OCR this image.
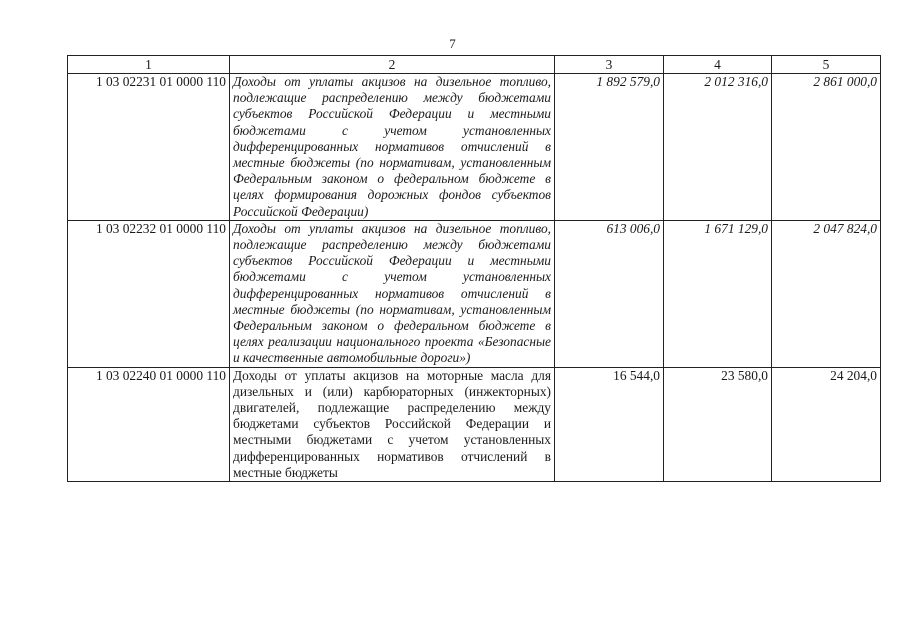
7
1	2	3	4	5
1 03 02231 01 0000 110	Доходы от уплаты акцизов на дизельное топливо, подлежащие распределению между бюджетами субъектов Российской Федерации и местными бюджетами с учетом установленных дифференцированных нормативов отчислений в местные бюджеты (по нормативам, установленным Федеральным законом о федеральном бюджете в целях формирования дорожных фондов субъектов Российской Федерации)	1 892 579,0	2 012 316,0	2 861 000,0
1 03 02232 01 0000 110	Доходы от уплаты акцизов на дизельное топливо, подлежащие распределению между бюджетами субъектов Российской Федерации и местными бюджетами с учетом установленных дифференцированных нормативов отчислений в местные бюджеты (по нормативам, установленным Федеральным законом о федеральном бюджете в целях реализации национального проекта «Безопасные и качественные автомобильные дороги»)	613 006,0	1 671 129,0	2 047 824,0
1 03 02240 01 0000 110	Доходы от уплаты акцизов на моторные масла для дизельных и (или) карбюраторных (инжекторных) двигателей, подлежащие распределению между бюджетами субъектов Российской Федерации и местными бюджетами с учетом установленных дифференцированных нормативов отчислений в местные бюджеты	16 544,0	23 580,0	24 204,0
